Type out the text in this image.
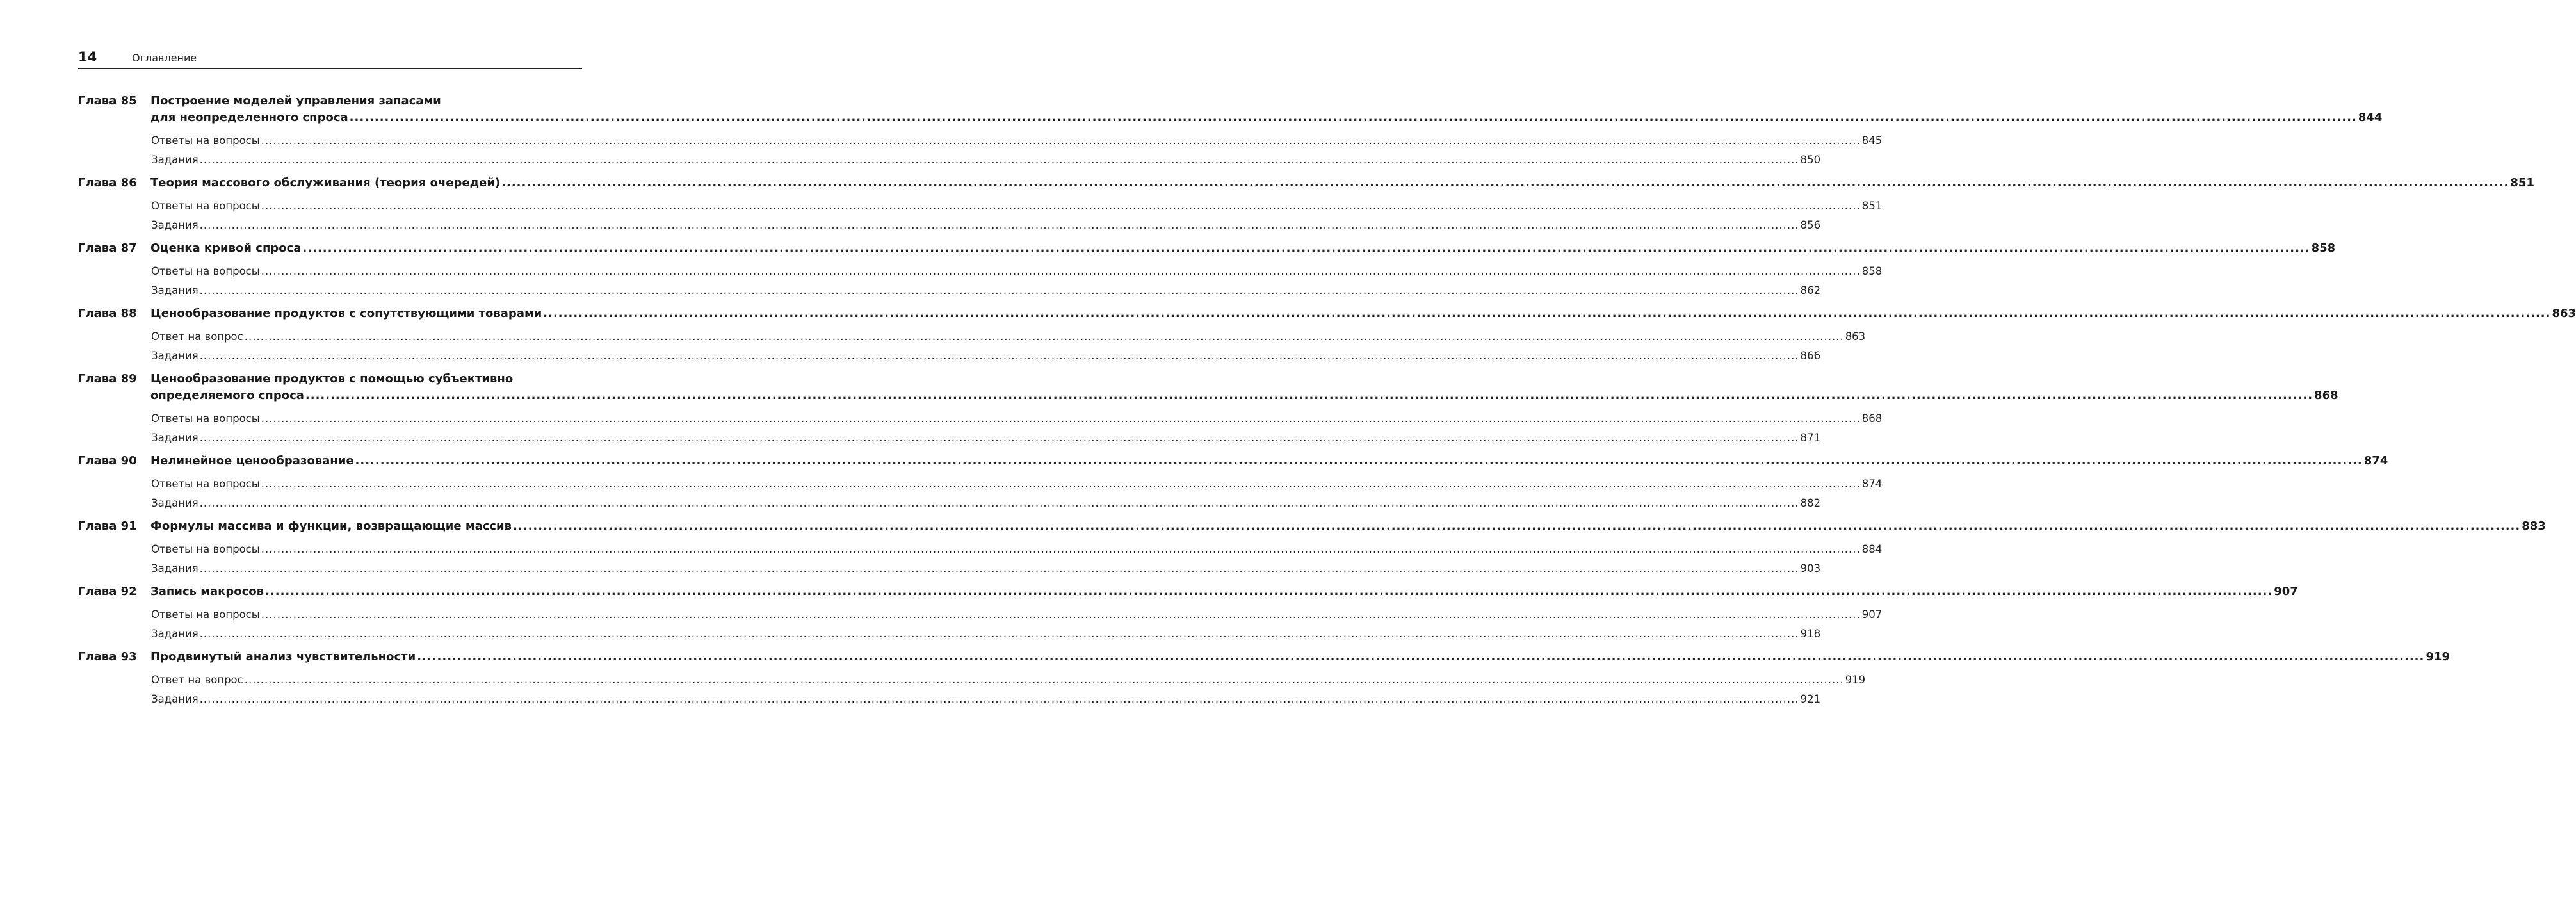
14	Оглавление
Глава 85	Построение моделей управления запасами
для неопределенного спроса ................................................................................................................................................................................................................................................................................................................................................................................................................ 844
Ответы на вопросы ................................................................................................................................................................................................................................................................................................................................................................................................................ 845
Задания ................................................................................................................................................................................................................................................................................................................................................................................................................ 850
Глава 86	Теория массового обслуживания (теория очередей) ................................................................................................................................................................................................................................................................................................................................................................................................................ 851
Ответы на вопросы ................................................................................................................................................................................................................................................................................................................................................................................................................ 851
Задания ................................................................................................................................................................................................................................................................................................................................................................................................................ 856
Глава 87	Оценка кривой спроса ................................................................................................................................................................................................................................................................................................................................................................................................................ 858
Ответы на вопросы ................................................................................................................................................................................................................................................................................................................................................................................................................ 858
Задания ................................................................................................................................................................................................................................................................................................................................................................................................................ 862
Глава 88	Ценообразование продуктов с сопутствующими товарами ................................................................................................................................................................................................................................................................................................................................................................................................................ 863
Ответ на вопрос ................................................................................................................................................................................................................................................................................................................................................................................................................ 863
Задания ................................................................................................................................................................................................................................................................................................................................................................................................................ 866
Глава 89	Ценообразование продуктов с помощью субъективно
определяемого спроса ................................................................................................................................................................................................................................................................................................................................................................................................................ 868
Ответы на вопросы ................................................................................................................................................................................................................................................................................................................................................................................................................ 868
Задания ................................................................................................................................................................................................................................................................................................................................................................................................................ 871
Глава 90	Нелинейное ценообразование ................................................................................................................................................................................................................................................................................................................................................................................................................ 874
Ответы на вопросы ................................................................................................................................................................................................................................................................................................................................................................................................................ 874
Задания ................................................................................................................................................................................................................................................................................................................................................................................................................ 882
Глава 91	Формулы массива и функции, возвращающие массив ................................................................................................................................................................................................................................................................................................................................................................................................................ 883
Ответы на вопросы ................................................................................................................................................................................................................................................................................................................................................................................................................ 884
Задания ................................................................................................................................................................................................................................................................................................................................................................................................................ 903
Глава 92	Запись макросов ................................................................................................................................................................................................................................................................................................................................................................................................................ 907
Ответы на вопросы ................................................................................................................................................................................................................................................................................................................................................................................................................ 907
Задания ................................................................................................................................................................................................................................................................................................................................................................................................................ 918
Глава 93	Продвинутый анализ чувствительности ................................................................................................................................................................................................................................................................................................................................................................................................................ 919
Ответ на вопрос ................................................................................................................................................................................................................................................................................................................................................................................................................ 919
Задания ................................................................................................................................................................................................................................................................................................................................................................................................................ 921
